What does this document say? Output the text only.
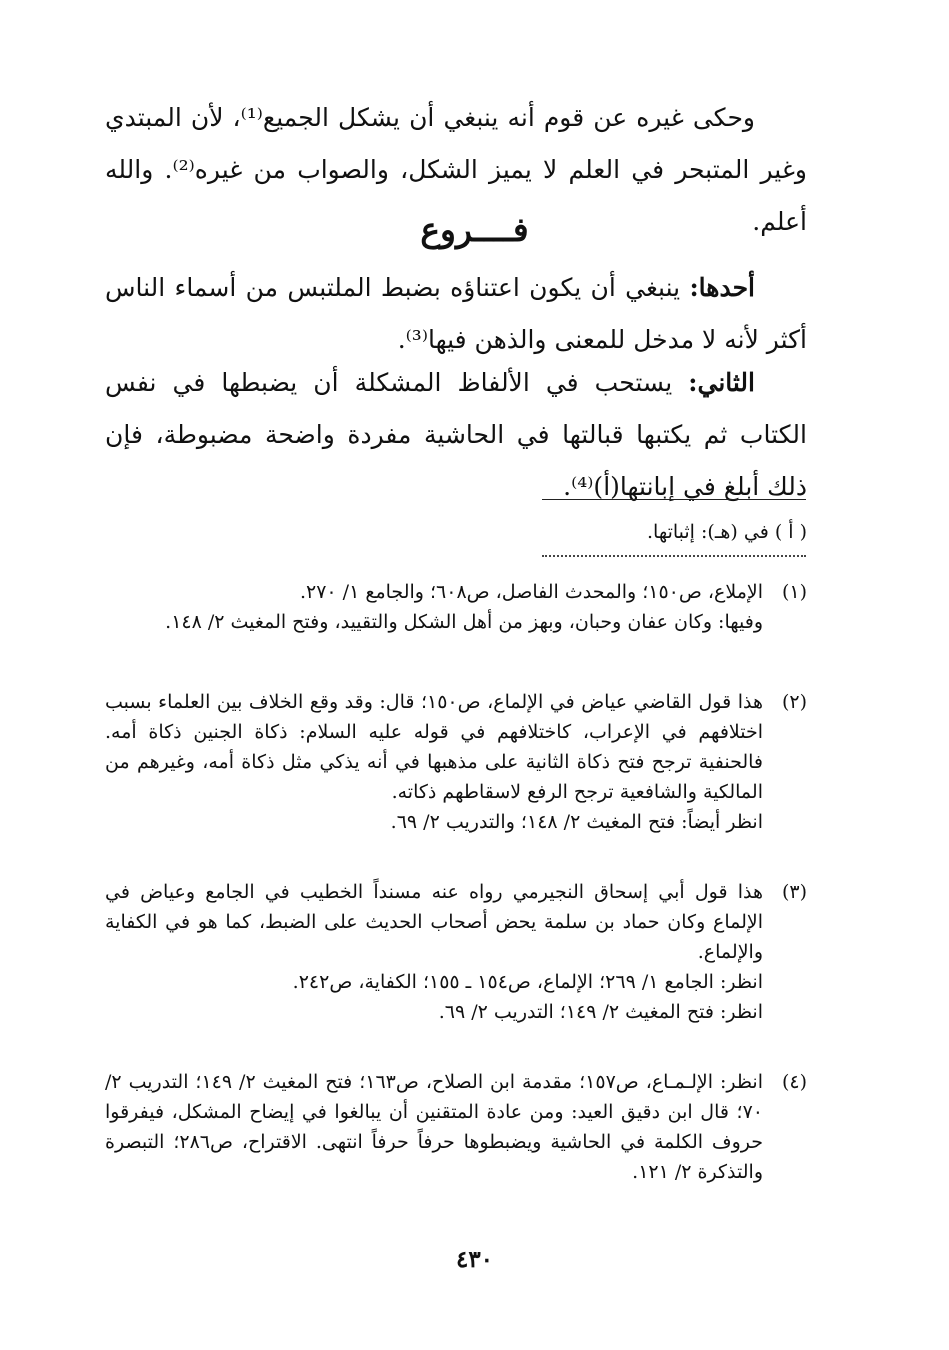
وحكى غيره عن قوم أنه ينبغي أن يشكل الجميع⁽¹⁾، لأن المبتدي وغير المتبحر في العلم لا يميز الشكل، والصواب من غيره⁽²⁾. والله أعلم.

فــــروع

أحدها: ينبغي أن يكون اعتناؤه بضبط الملتبس من أسماء الناس أكثر لأنه لا مدخل للمعنى والذهن فيها⁽³⁾.

الثاني: يستحب في الألفاظ المشكلة أن يضبطها في نفس الكتاب ثم يكتبها قبالتها في الحاشية مفردة واضحة مضبوطة، فإن ذلك أبلغ في إبانتها(أ)⁽⁴⁾.

( أ ) في (هـ): إثباتها.
(١)

الإملاع، ص١٥٠؛ والمحدث الفاصل، ص٦٠٨؛ والجامع ١/ ٢٧٠.

وفيها: وكان عفان وحبان، وبهز من أهل الشكل والتقييد، وفتح المغيث ٢/ ١٤٨.

(٢)

هذا قول القاضي عياض في الإلماع، ص١٥٠؛ قال: وقد وقع الخلاف بين العلماء بسبب اختلافهم في الإعراب، كاختلافهم في قوله عليه السلام: ذكاة الجنين ذكاة أمه. فالحنفية ترجح فتح ذكاة الثانية على مذهبها في أنه يذكي مثل ذكاة أمه، وغيرهم من المالكية والشافعية ترجح الرفع لاسقاطهم ذكاته.

انظر أيضاً: فتح المغيث ٢/ ١٤٨؛ والتدريب ٢/ ٦٩.

(٣)

هذا قول أبي إسحاق النجيرمي رواه عنه مسنداً الخطيب في الجامع وعياض في الإلماع وكان حماد بن سلمة يحض أصحاب الحديث على الضبط، كما هو في الكفاية والإلماع.

انظر: الجامع ١/ ٢٦٩؛ الإلماع، ص١٥٤ ـ ١٥٥؛ الكفاية، ص٢٤٢.

انظر: فتح المغيث ٢/ ١٤٩؛ التدريب ٢/ ٦٩.

(٤)

انظر: الإلـمـاع، ص١٥٧؛ مقدمة ابن الصلاح، ص١٦٣؛ فتح المغيث ٢/ ١٤٩؛ التدريب ٢/ ٧٠؛ قال ابن دقيق العيد: ومن عادة المتقنين أن يبالغوا في إيضاح المشكل، فيفرقوا حروف الكلمة في الحاشية ويضبطوها حرفاً حرفاً انتهى. الاقتراح، ص٢٨٦؛ التبصرة والتذكرة ٢/ ١٢١.

٤٣٠
